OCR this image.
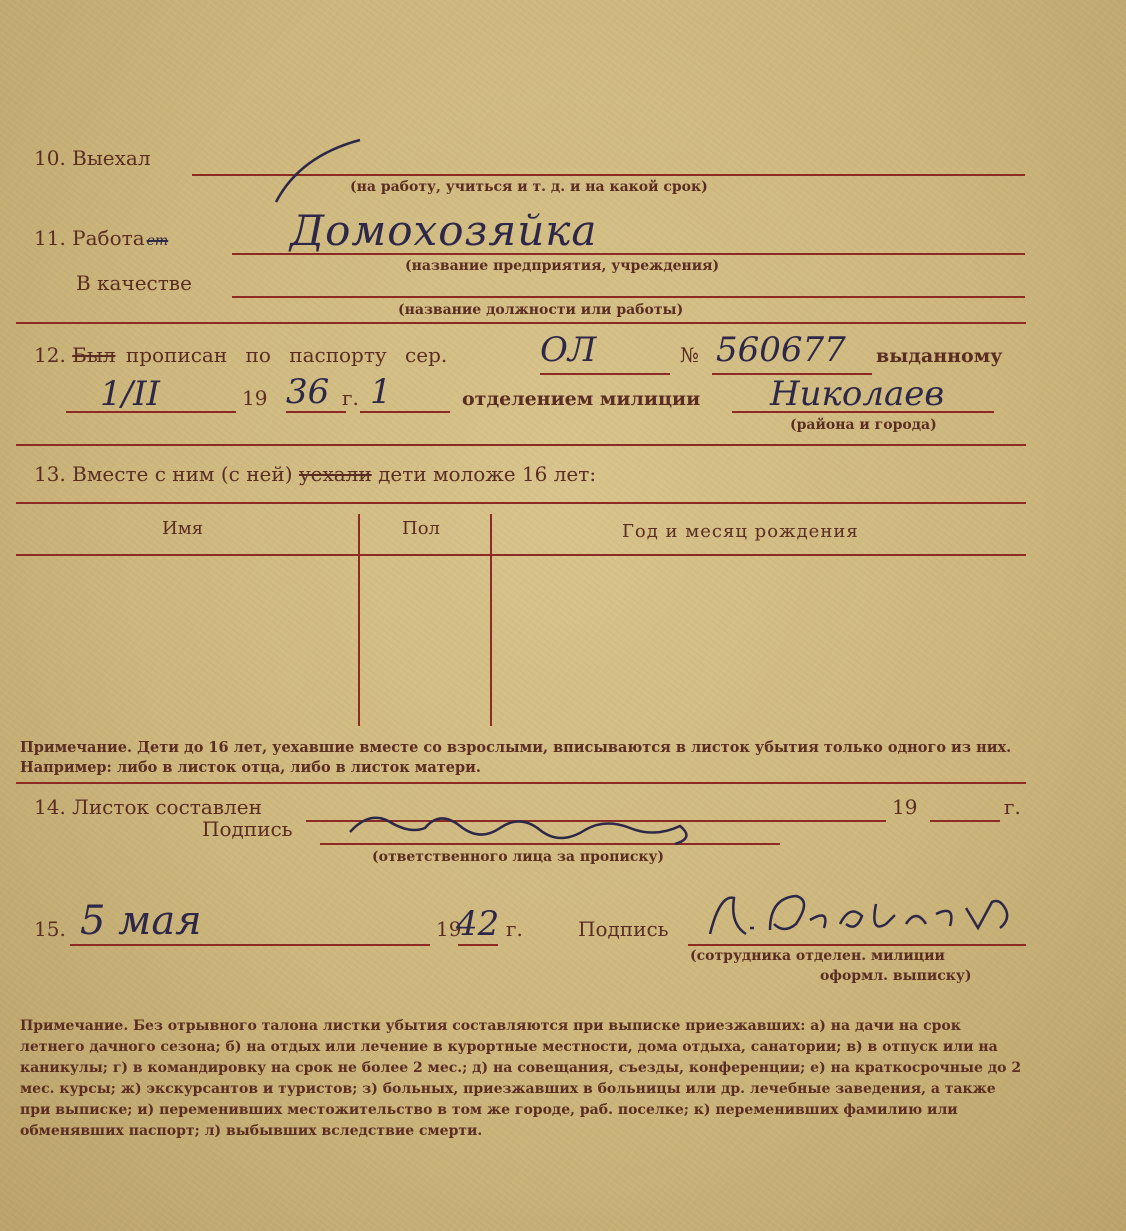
10. Выехал
(на работу, учиться и т. д. и на какой срок)
11. Работа ет	Домохозяйка
(название предприятия, учреждения)
В качестве
(название должности или работы)
12. Был прописан по паспорту сер.	ОЛ	№ 560677 выданному
1/II	19 36 г. 1	отделением милиции Николаев
(района и города)
13. Вместе с ним (с ней) уехали дети моложе 16 лет:
Имя	Пол	Год и месяц рождения
Примечание. Дети до 16 лет, уехавшие вместе со взрослыми, вписываются в листок убытия только одного из них. Например: либо в листок отца, либо в листок матери.
14. Листок составлен	19	г.
Подпись
(ответственного лица за прописку)
15. 5 мая	19
42 г.	Подпись
(сотрудника отделен. милиции
оформл. выписку)
Примечание. Без отрывного талона листки убытия составляются при выписке приезжавших: а) на дачи на срок летнего дачного сезона; б) на отдых или лечение в курортные местности, дома отдыха, санатории; в) в отпуск или на каникулы; г) в командировку на срок не более 2 мес.; д) на совещания, съезды, конференции; е) на краткосрочные до 2 мес. курсы; ж) экскурсантов и туристов; з) больных, приезжавших в больницы или др. лечебные заведения, а также при выписке; и) переменивших местожительство в том же городе, раб. поселке; к) переменивших фамилию или обменявших паспорт; л) выбывших вследствие смерти.
